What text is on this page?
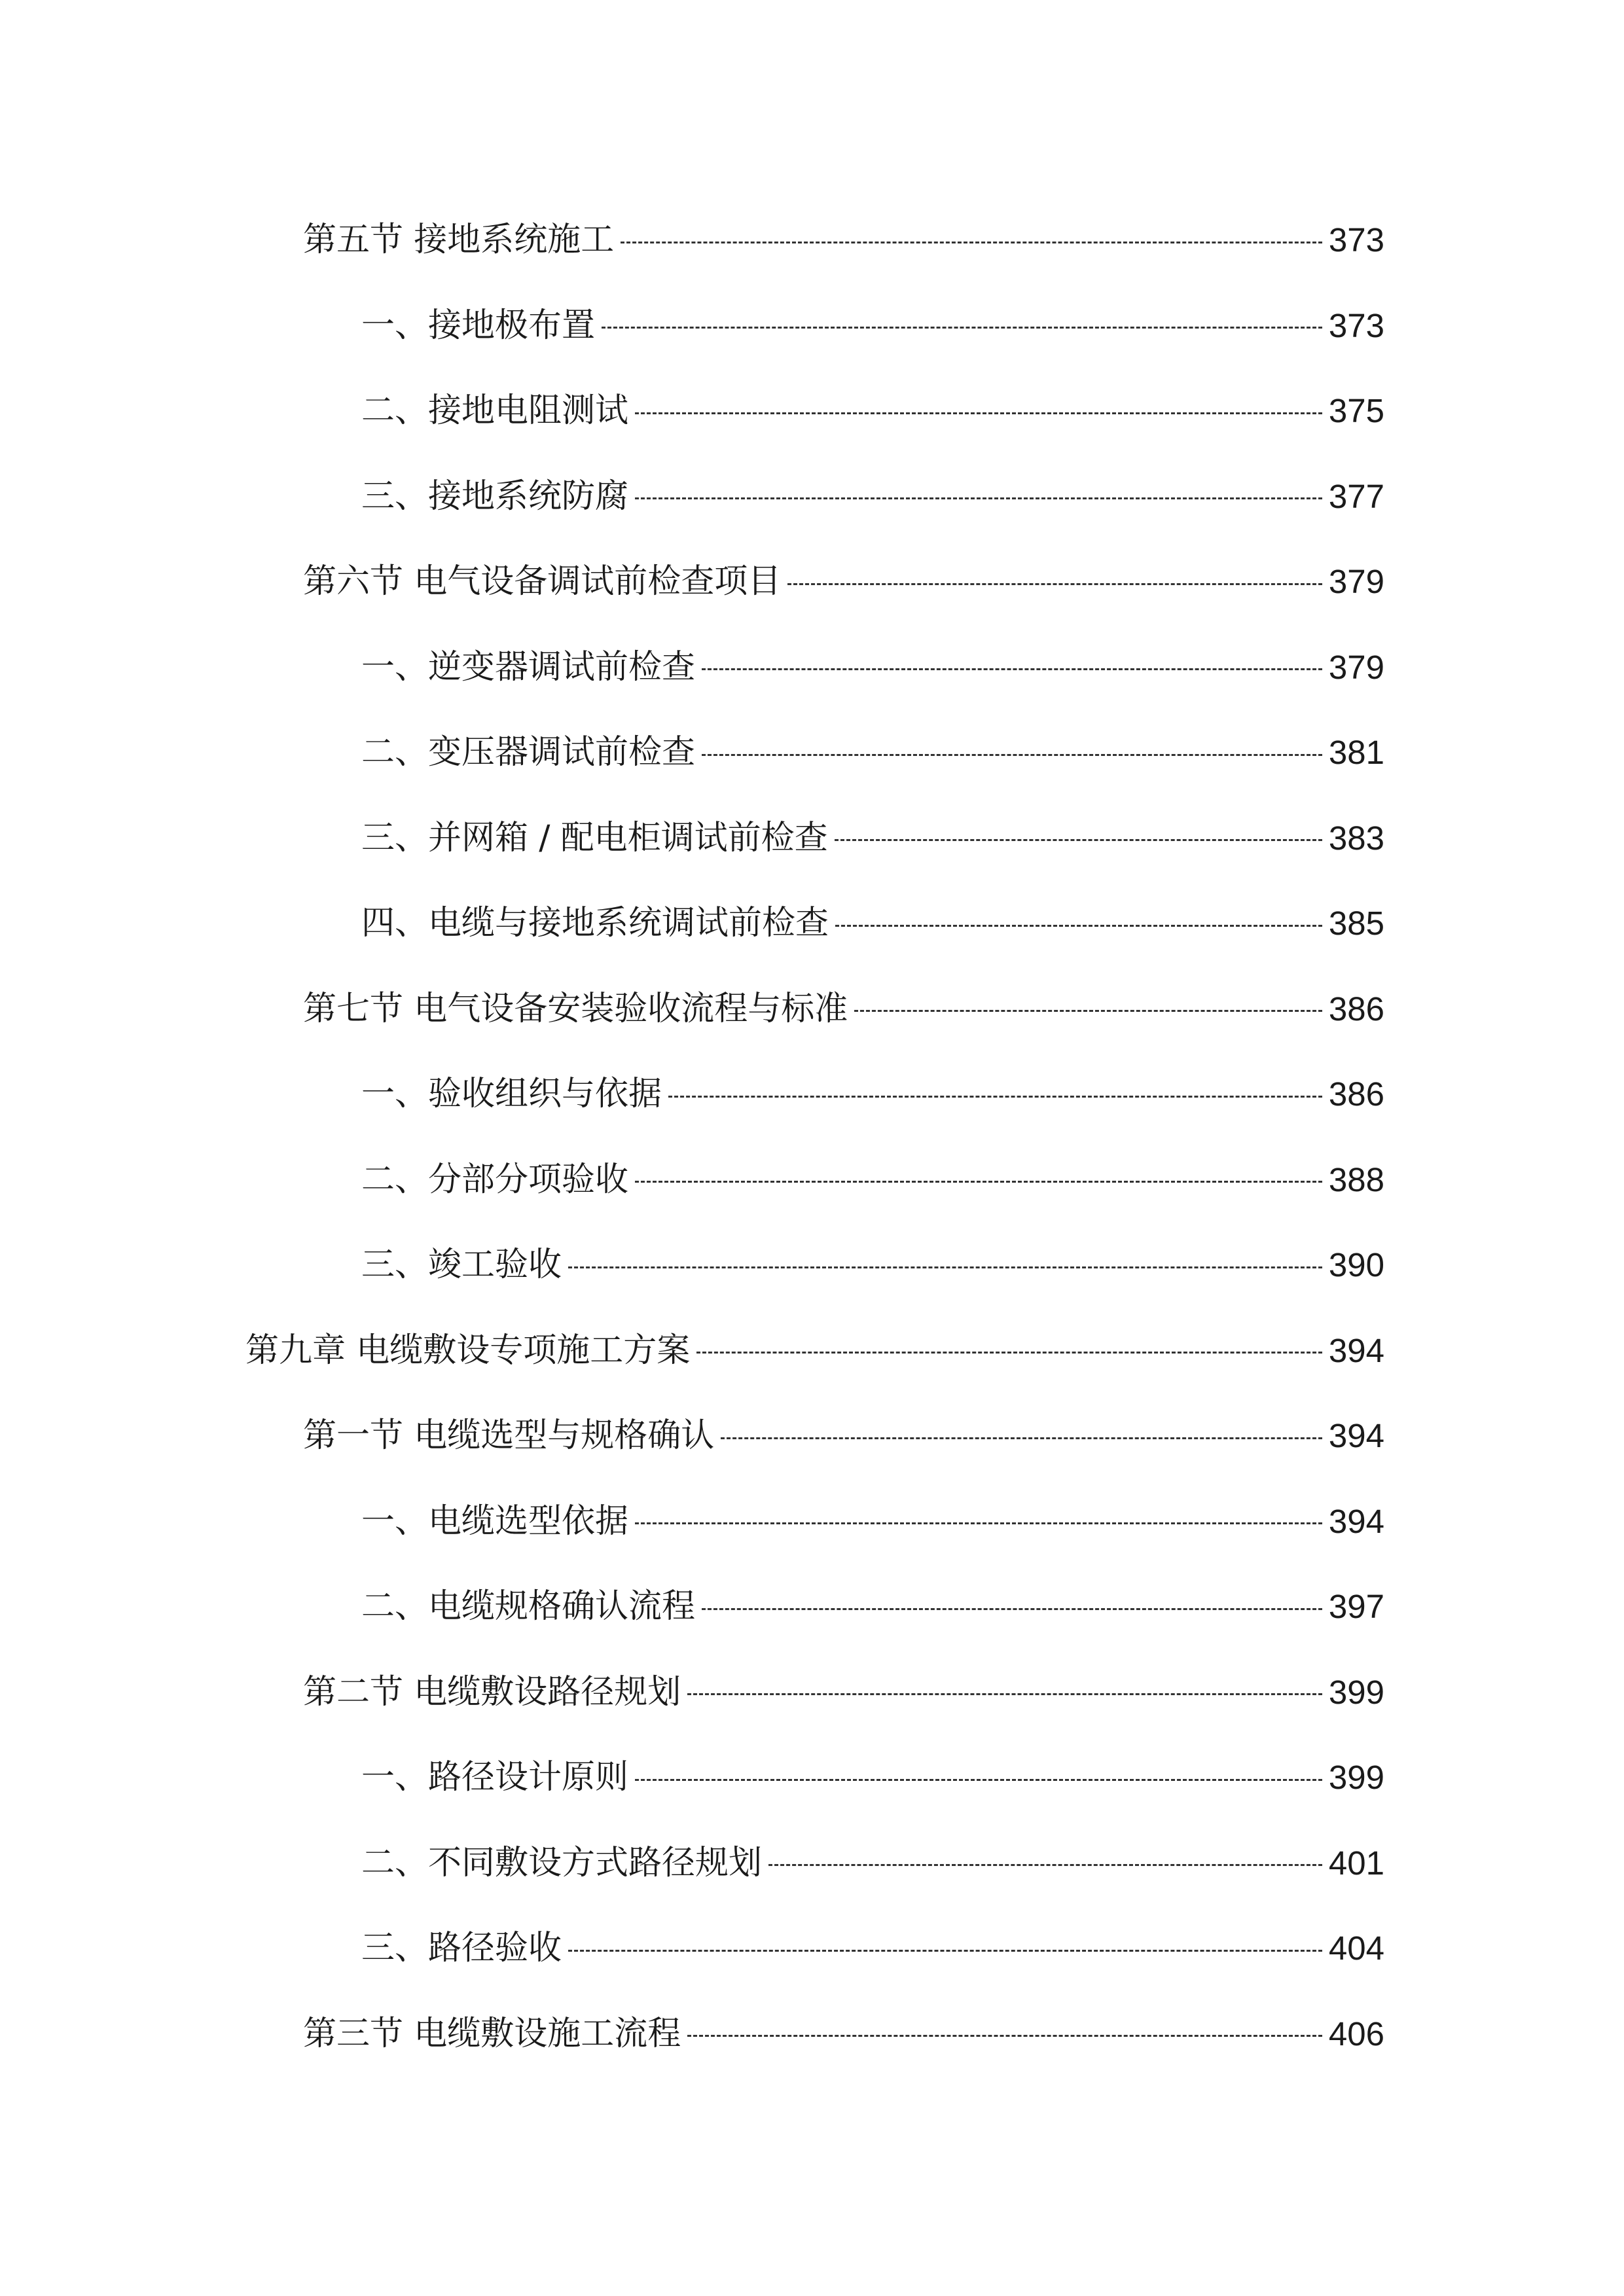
第五节 接地系统施工	373
一、接地极布置	373
二、接地电阻测试	375
三、接地系统防腐	377
第六节 电气设备调试前检查项目	379
一、逆变器调试前检查	379
二、变压器调试前检查	381
三、并网箱 / 配电柜调试前检查	383
四、电缆与接地系统调试前检查	385
第七节 电气设备安装验收流程与标准	386
一、验收组织与依据	386
二、分部分项验收	388
三、竣工验收	390
第九章 电缆敷设专项施工方案	394
第一节 电缆选型与规格确认	394
一、电缆选型依据	394
二、电缆规格确认流程	397
第二节 电缆敷设路径规划	399
一、路径设计原则	399
二、不同敷设方式路径规划	401
三、路径验收	404
第三节 电缆敷设施工流程	406
